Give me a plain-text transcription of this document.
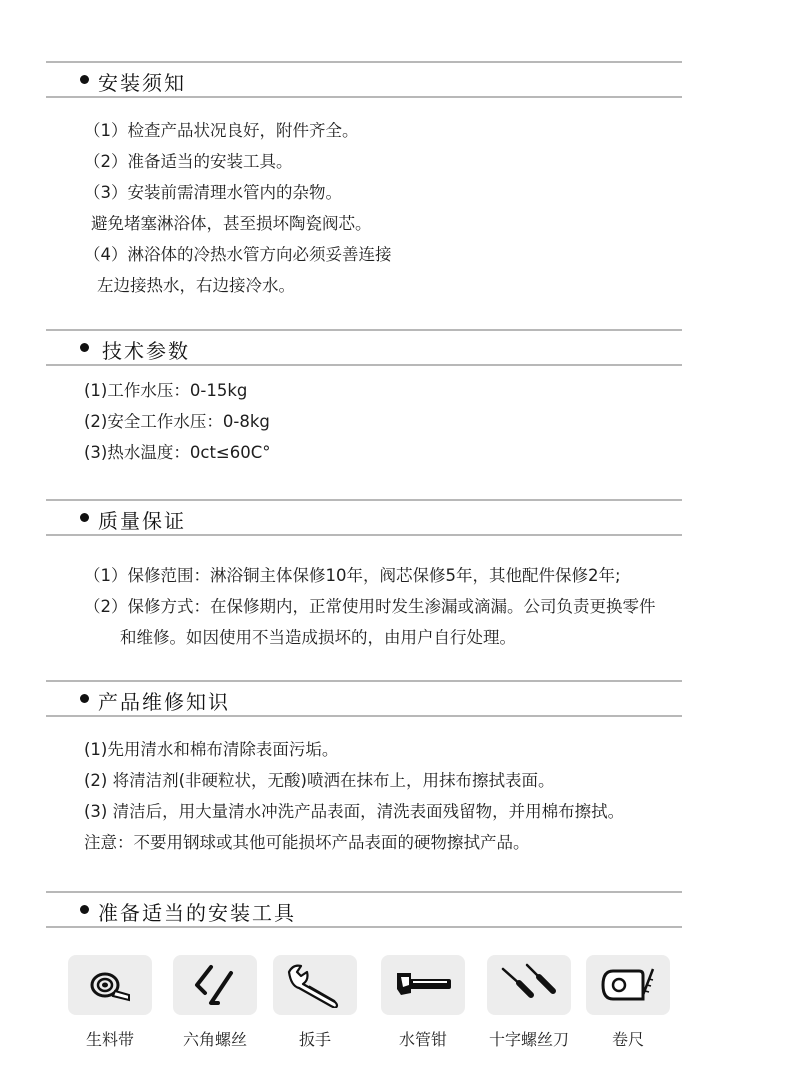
安装须知
（1）检查产品状况良好，附件齐全。
（2）准备适当的安装工具。
（3）安装前需清理水管内的杂物。
避免堵塞淋浴体，甚至损坏陶瓷阀芯。
（4）淋浴体的冷热水管方向必须妥善连接
左边接热水，右边接冷水。
技术参数
(1)工作水压：0-15kg
(2)安全工作水压：0-8kg
(3)热水温度：0ct≤60C°
质量保证
（1）保修范围：淋浴铜主体保修10年，阀芯保修5年，其他配件保修2年;
（2）保修方式：在保修期内，正常使用时发生渗漏或滴漏。公司负责更换零件
和维修。如因使用不当造成损坏的，由用户自行处理。
产品维修知识
(1)先用清水和棉布清除表面污垢。
(2) 将清洁剂(非硬粒状，无酸)喷洒在抹布上，用抹布擦拭表面。
(3) 清洁后，用大量清水冲洗产品表面，清洗表面残留物，并用棉布擦拭。
注意：不要用钢球或其他可能损坏产品表面的硬物擦拭产品。
准备适当的安装工具
生料带	六角螺丝	扳手	水管钳	十字螺丝刀	卷尺
